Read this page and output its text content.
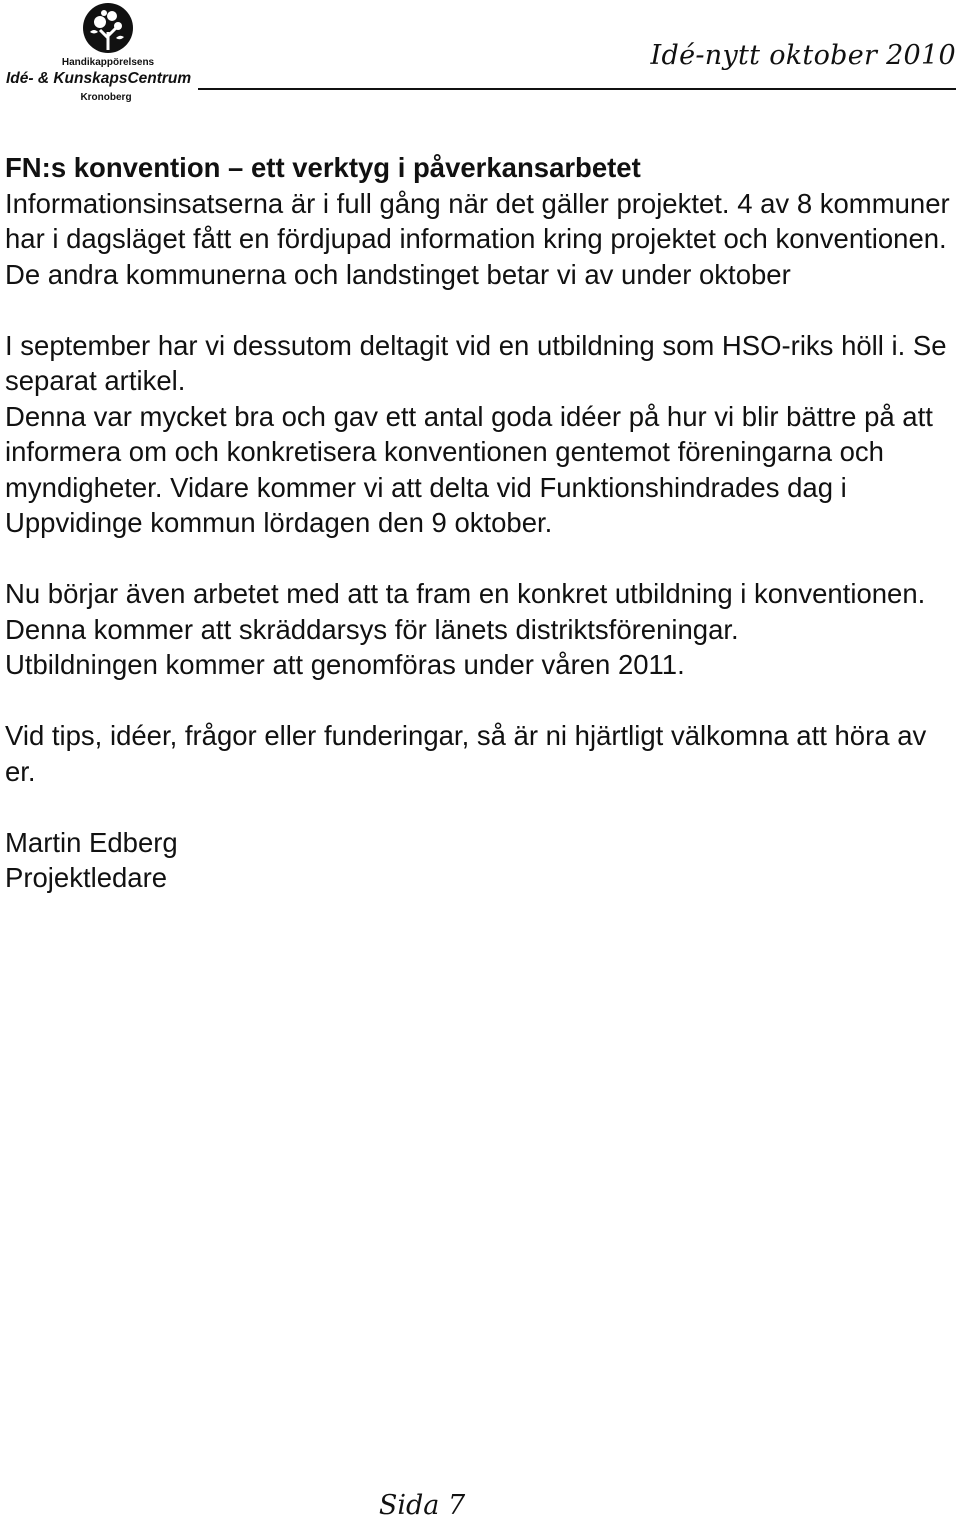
Handikappörelsens
Idé- & KunskapsCentrum
Kronoberg
Idé-nytt oktober 2010

FN:s konvention – ett verktyg i påverkansarbetet

Informationsinsatserna är i full gång när det gäller projektet. 4 av 8 kommuner har i dagsläget fått en fördjupad information kring projektet och konventionen. De andra kommunerna och landstinget betar vi av under oktober

I september har vi dessutom deltagit vid en utbildning som HSO-riks höll i. Se separat artikel.

Denna var mycket bra och gav ett antal goda idéer på hur vi blir bättre på att informera om och konkretisera konventionen gentemot föreningarna och myndigheter. Vidare kommer vi att delta vid Funktionshindrades dag i Uppvidinge kommun lördagen den 9 oktober.

Nu börjar även arbetet med att ta fram en konkret utbildning i konventionen.

Denna kommer att skräddarsys för länets distriktsföreningar.

Utbildningen kommer att genomföras under våren 2011.

Vid tips, idéer, frågor eller funderingar, så är ni hjärtligt välkomna att höra av er.

Martin Edberg

Projektledare

Sida 7
